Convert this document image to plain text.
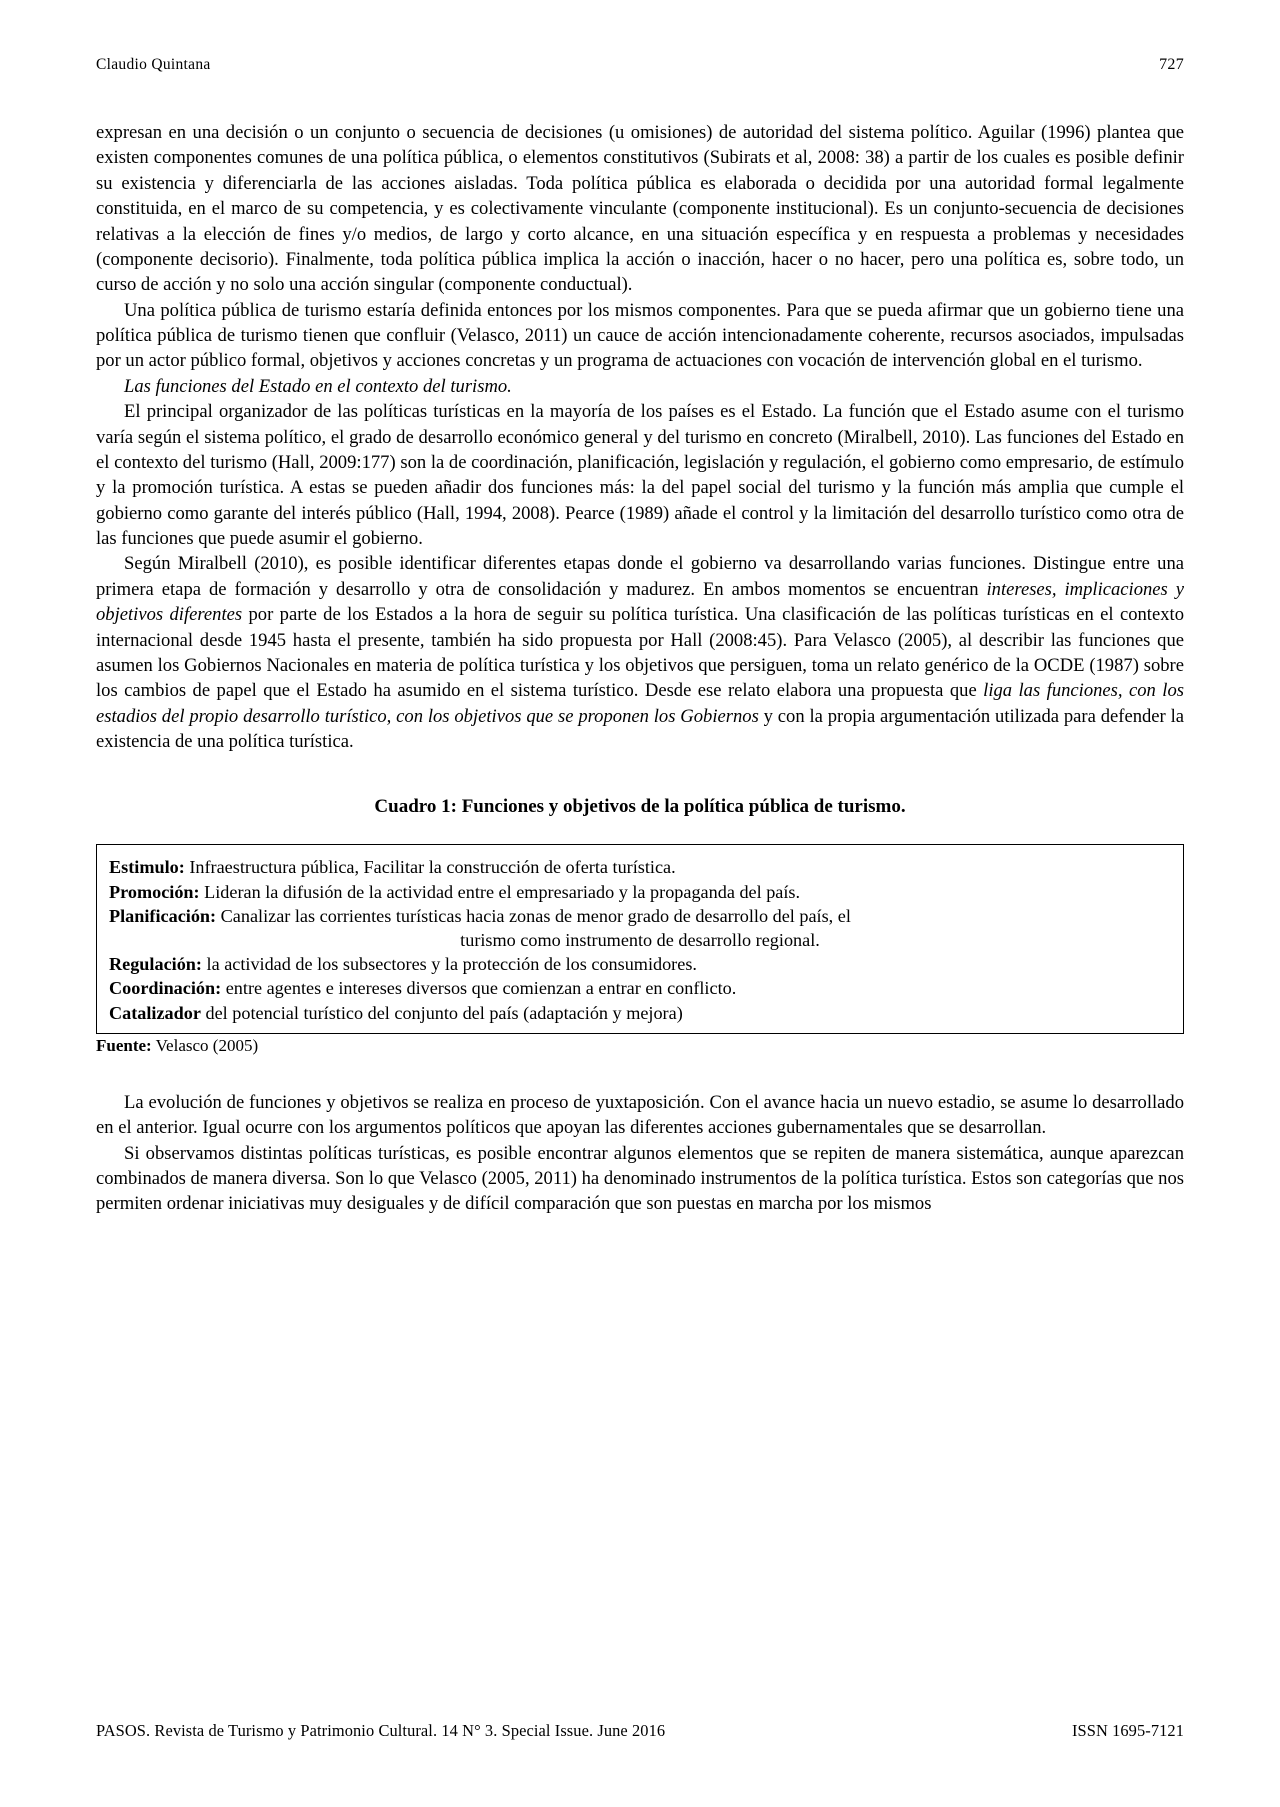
Claudio Quintana	727

expresan en una decisión o un conjunto o secuencia de decisiones (u omisiones) de autoridad del sistema político. Aguilar (1996) plantea que existen componentes comunes de una política pública, o elementos constitutivos (Subirats et al, 2008: 38) a partir de los cuales es posible definir su existencia y diferenciarla de las acciones aisladas. Toda política pública es elaborada o decidida por una autoridad formal legalmente constituida, en el marco de su competencia, y es colectivamente vinculante (componente institucional). Es un conjunto-secuencia de decisiones relativas a la elección de fines y/o medios, de largo y corto alcance, en una situación específica y en respuesta a problemas y necesidades (componente decisorio). Finalmente, toda política pública implica la acción o inacción, hacer o no hacer, pero una política es, sobre todo, un curso de acción y no solo una acción singular (componente conductual).

Una política pública de turismo estaría definida entonces por los mismos componentes. Para que se pueda afirmar que un gobierno tiene una política pública de turismo tienen que confluir (Velasco, 2011) un cauce de acción intencionadamente coherente, recursos asociados, impulsadas por un actor público formal, objetivos y acciones concretas y un programa de actuaciones con vocación de intervención global en el turismo.

Las funciones del Estado en el contexto del turismo.

El principal organizador de las políticas turísticas en la mayoría de los países es el Estado. La función que el Estado asume con el turismo varía según el sistema político, el grado de desarrollo económico general y del turismo en concreto (Miralbell, 2010). Las funciones del Estado en el contexto del turismo (Hall, 2009:177) son la de coordinación, planificación, legislación y regulación, el gobierno como empresario, de estímulo y la promoción turística. A estas se pueden añadir dos funciones más: la del papel social del turismo y la función más amplia que cumple el gobierno como garante del interés público (Hall, 1994, 2008). Pearce (1989) añade el control y la limitación del desarrollo turístico como otra de las funciones que puede asumir el gobierno.

Según Miralbell (2010), es posible identificar diferentes etapas donde el gobierno va desarrollando varias funciones. Distingue entre una primera etapa de formación y desarrollo y otra de consolidación y madurez. En ambos momentos se encuentran intereses, implicaciones y objetivos diferentes por parte de los Estados a la hora de seguir su política turística. Una clasificación de las políticas turísticas en el contexto internacional desde 1945 hasta el presente, también ha sido propuesta por Hall (2008:45). Para Velasco (2005), al describir las funciones que asumen los Gobiernos Nacionales en materia de política turística y los objetivos que persiguen, toma un relato genérico de la OCDE (1987) sobre los cambios de papel que el Estado ha asumido en el sistema turístico. Desde ese relato elabora una propuesta que liga las funciones, con los estadios del propio desarrollo turístico, con los objetivos que se proponen los Gobiernos y con la propia argumentación utilizada para defender la existencia de una política turística.

Cuadro 1: Funciones y objetivos de la política pública de turismo.

Estimulo: Infraestructura pública, Facilitar la construcción de oferta turística.

Promoción: Lideran la difusión de la actividad entre el empresariado y la propaganda del país.

Planificación: Canalizar las corrientes turísticas hacia zonas de menor grado de desarrollo del país, el
turismo como instrumento de desarrollo regional.

Regulación: la actividad de los subsectores y la protección de los consumidores.

Coordinación: entre agentes e intereses diversos que comienzan a entrar en conflicto.

Catalizador del potencial turístico del conjunto del país (adaptación y mejora)

Fuente: Velasco (2005)

La evolución de funciones y objetivos se realiza en proceso de yuxtaposición. Con el avance hacia un nuevo estadio, se asume lo desarrollado en el anterior. Igual ocurre con los argumentos políticos que apoyan las diferentes acciones gubernamentales que se desarrollan.

Si observamos distintas políticas turísticas, es posible encontrar algunos elementos que se repiten de manera sistemática, aunque aparezcan combinados de manera diversa. Son lo que Velasco (2005, 2011) ha denominado instrumentos de la política turística. Estos son categorías que nos permiten ordenar iniciativas muy desiguales y de difícil comparación que son puestas en marcha por los mismos

PASOS. Revista de Turismo y Patrimonio Cultural. 14 N° 3. Special Issue. June 2016	ISSN 1695-7121
